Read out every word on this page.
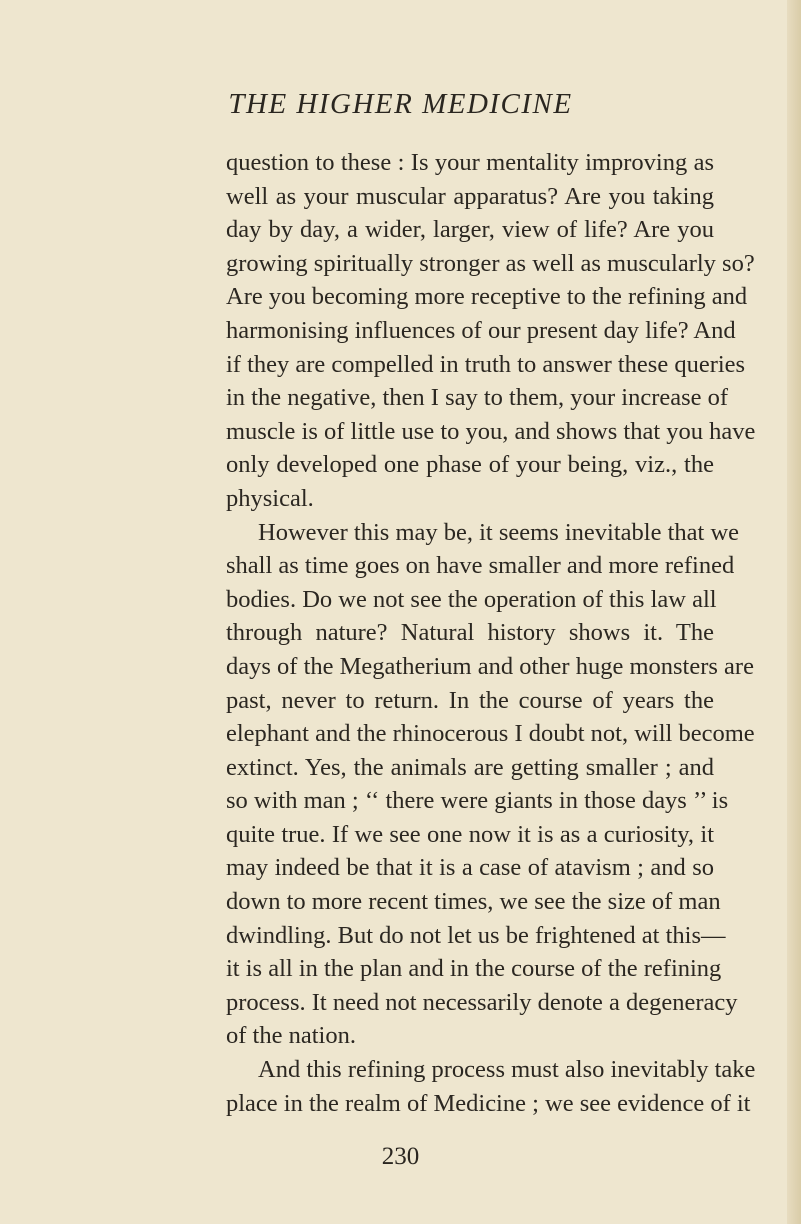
THE HIGHER MEDICINE
question to these : Is your mentality improving as
well as your muscular apparatus? Are you taking
day by day, a wider, larger, view of life? Are you
growing spiritually stronger as well as muscularly so?
Are you becoming more receptive to the refining and
harmonising influences of our present day life? And
if they are compelled in truth to answer these queries
in the negative, then I say to them, your increase of
muscle is of little use to you, and shows that you have
only developed one phase of your being, viz., the
physical.
However this may be, it seems inevitable that we
shall as time goes on have smaller and more refined
bodies. Do we not see the operation of this law all
through nature? Natural history shows it. The
days of the Megatherium and other huge monsters are
past, never to return. In the course of years the
elephant and the rhinocerous I doubt not, will become
extinct. Yes, the animals are getting smaller ; and
so with man ; ‘‘ there were giants in those days ’’ is
quite true. If we see one now it is as a curiosity, it
may indeed be that it is a case of atavism ; and so
down to more recent times, we see the size of man
dwindling. But do not let us be frightened at this—
it is all in the plan and in the course of the refining
process. It need not necessarily denote a degeneracy
of the nation.
And this refining process must also inevitably take
place in the realm of Medicine ; we see evidence of it
230
